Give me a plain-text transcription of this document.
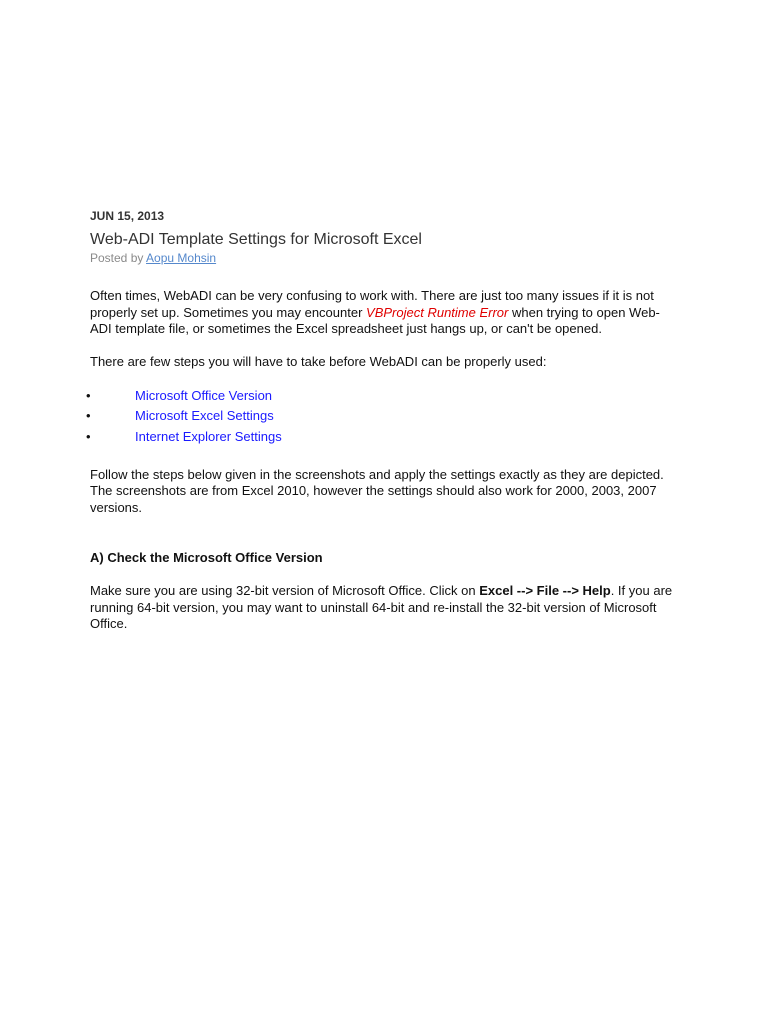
JUN 15, 2013
Web-ADI Template Settings for Microsoft Excel
Posted by Aopu Mohsin

Often times, WebADI can be very confusing to work with. There are just too many issues if it is not properly set up. Sometimes you may encounter VBProject Runtime Error when trying to open Web-ADI template file, or sometimes the Excel spreadsheet just hangs up, or can't be opened.

There are few steps you will have to take before WebADI can be properly used:

•	Microsoft Office Version
•	Microsoft Excel Settings
•	Internet Explorer Settings

Follow the steps below given in the screenshots and apply the settings exactly as they are depicted. The screenshots are from Excel 2010, however the settings should also work for 2000, 2003, 2007 versions.

A) Check the Microsoft Office Version

Make sure you are using 32-bit version of Microsoft Office. Click on Excel --> File --> Help. If you are running 64-bit version, you may want to uninstall 64-bit and re-install the 32-bit version of Microsoft Office.
